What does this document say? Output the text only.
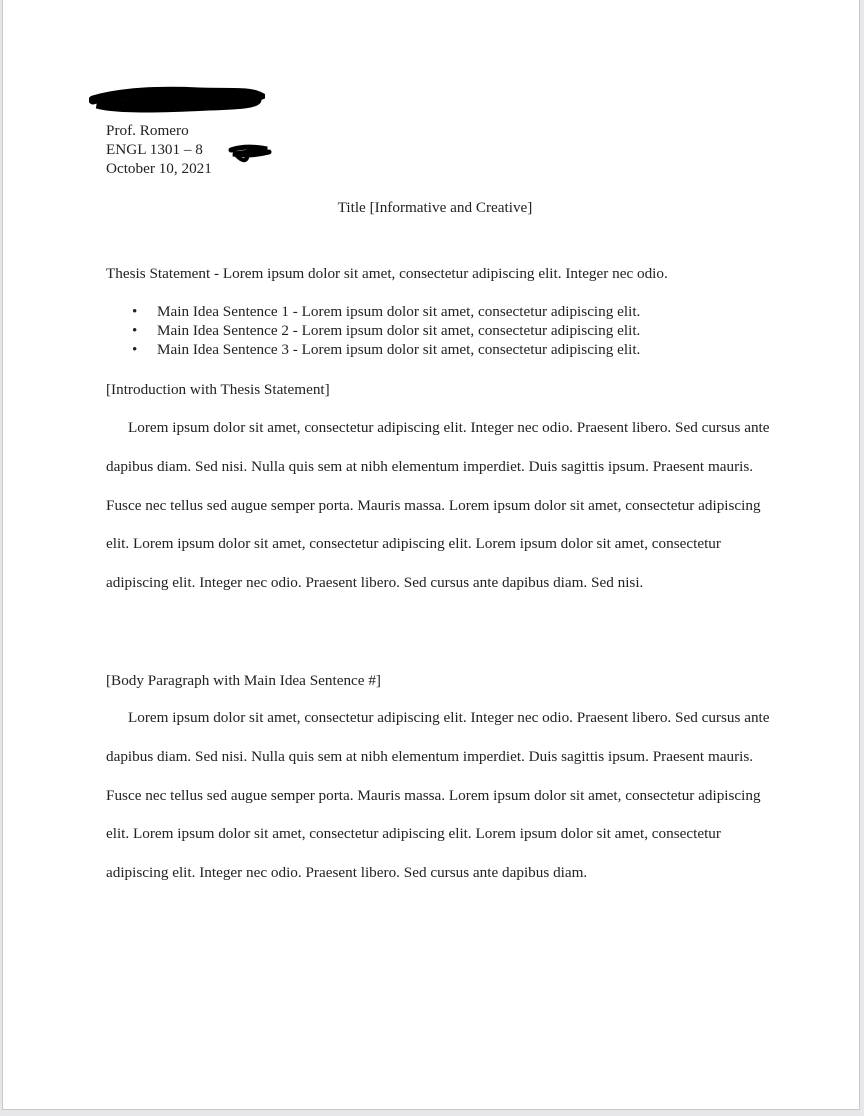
Prof. Romero
ENGL 1301 – 8
October 10, 2021
Title [Informative and Creative]
Thesis Statement - Lorem ipsum dolor sit amet, consectetur adipiscing elit. Integer nec odio.
• Main Idea Sentence 1 - Lorem ipsum dolor sit amet, consectetur adipiscing elit.
• Main Idea Sentence 2 - Lorem ipsum dolor sit amet, consectetur adipiscing elit.
• Main Idea Sentence 3 - Lorem ipsum dolor sit amet, consectetur adipiscing elit.
[Introduction with Thesis Statement]

Lorem ipsum dolor sit amet, consectetur adipiscing elit. Integer nec odio. Praesent libero. Sed cursus ante dapibus diam. Sed nisi. Nulla quis sem at nibh elementum imperdiet. Duis sagittis ipsum. Praesent mauris. Fusce nec tellus sed augue semper porta. Mauris massa. Lorem ipsum dolor sit amet, consectetur adipiscing elit. Lorem ipsum dolor sit amet, consectetur adipiscing elit. Lorem ipsum dolor sit amet, consectetur adipiscing elit. Integer nec odio. Praesent libero. Sed cursus ante dapibus diam. Sed nisi.

[Body Paragraph with Main Idea Sentence #]

Lorem ipsum dolor sit amet, consectetur adipiscing elit. Integer nec odio. Praesent libero. Sed cursus ante dapibus diam. Sed nisi. Nulla quis sem at nibh elementum imperdiet. Duis sagittis ipsum. Praesent mauris. Fusce nec tellus sed augue semper porta. Mauris massa. Lorem ipsum dolor sit amet, consectetur adipiscing elit. Lorem ipsum dolor sit amet, consectetur adipiscing elit. Lorem ipsum dolor sit amet, consectetur adipiscing elit. Integer nec odio. Praesent libero. Sed cursus ante dapibus diam.
